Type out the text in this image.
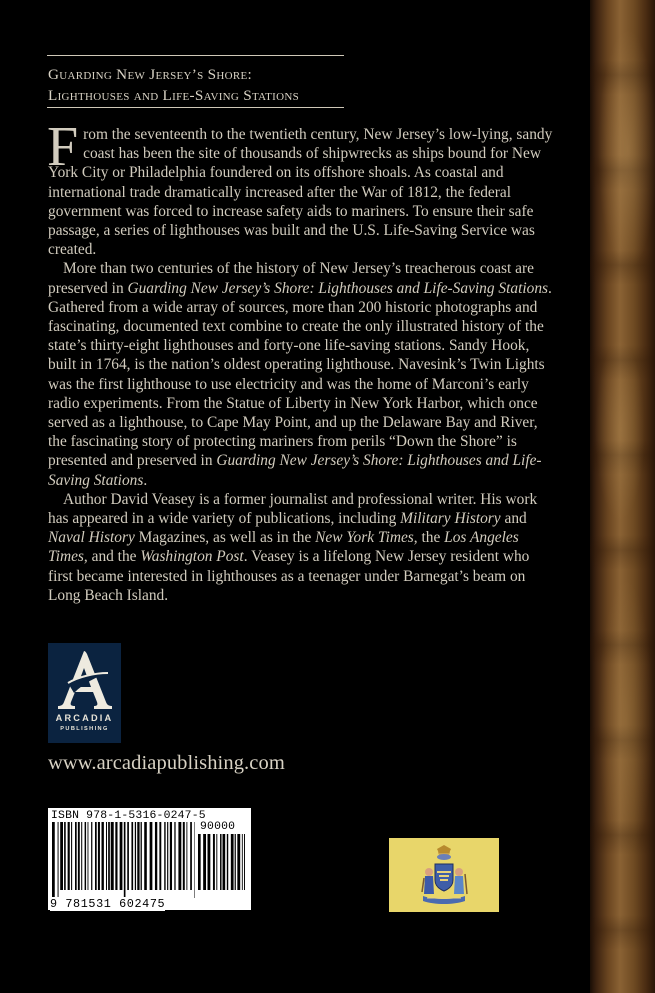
Guarding New Jersey’s Shore:
Lighthouses and Life-Saving Stations

From the seventeenth to the twentieth century, New Jersey’s low-lying, sandy coast has been the site of thousands of shipwrecks as ships bound for New York City or Philadelphia foundered on its offshore shoals. As coastal and international trade dramatically increased after the War of 1812, the federal government was forced to increase safety aids to mariners. To ensure their safe passage, a series of lighthouses was built and the U.S. Life-Saving Service was created.

More than two centuries of the history of New Jersey’s treacherous coast are preserved in Guarding New Jersey’s Shore: Lighthouses and Life-Saving Stations. Gathered from a wide array of sources, more than 200 historic photographs and fascinating, documented text combine to create the only illustrated history of the state’s thirty-eight lighthouses and forty-one life-saving stations. Sandy Hook, built in 1764, is the nation’s oldest operating lighthouse. Navesink’s Twin Lights was the first lighthouse to use electricity and was the home of Marconi’s early radio experiments. From the Statue of Liberty in New York Harbor, which once served as a lighthouse, to Cape May Point, and up the Delaware Bay and River, the fascinating story of protecting mariners from perils “Down the Shore” is presented and preserved in Guarding New Jersey’s Shore: Lighthouses and Life-Saving Stations.

Author David Veasey is a former journalist and professional writer. His work has appeared in a wide variety of publications, including Military History and Naval History Magazines, as well as in the New York Times, the Los Angeles Times, and the Washington Post. Veasey is a lifelong New Jersey resident who first became interested in lighthouses as a teenager under Barnegat’s beam on Long Beach Island.

ARCADIA
PUBLISHING
www.arcadiapublishing.com
ISBN 978-1-5316-0247-5
90000
9 781531 602475
